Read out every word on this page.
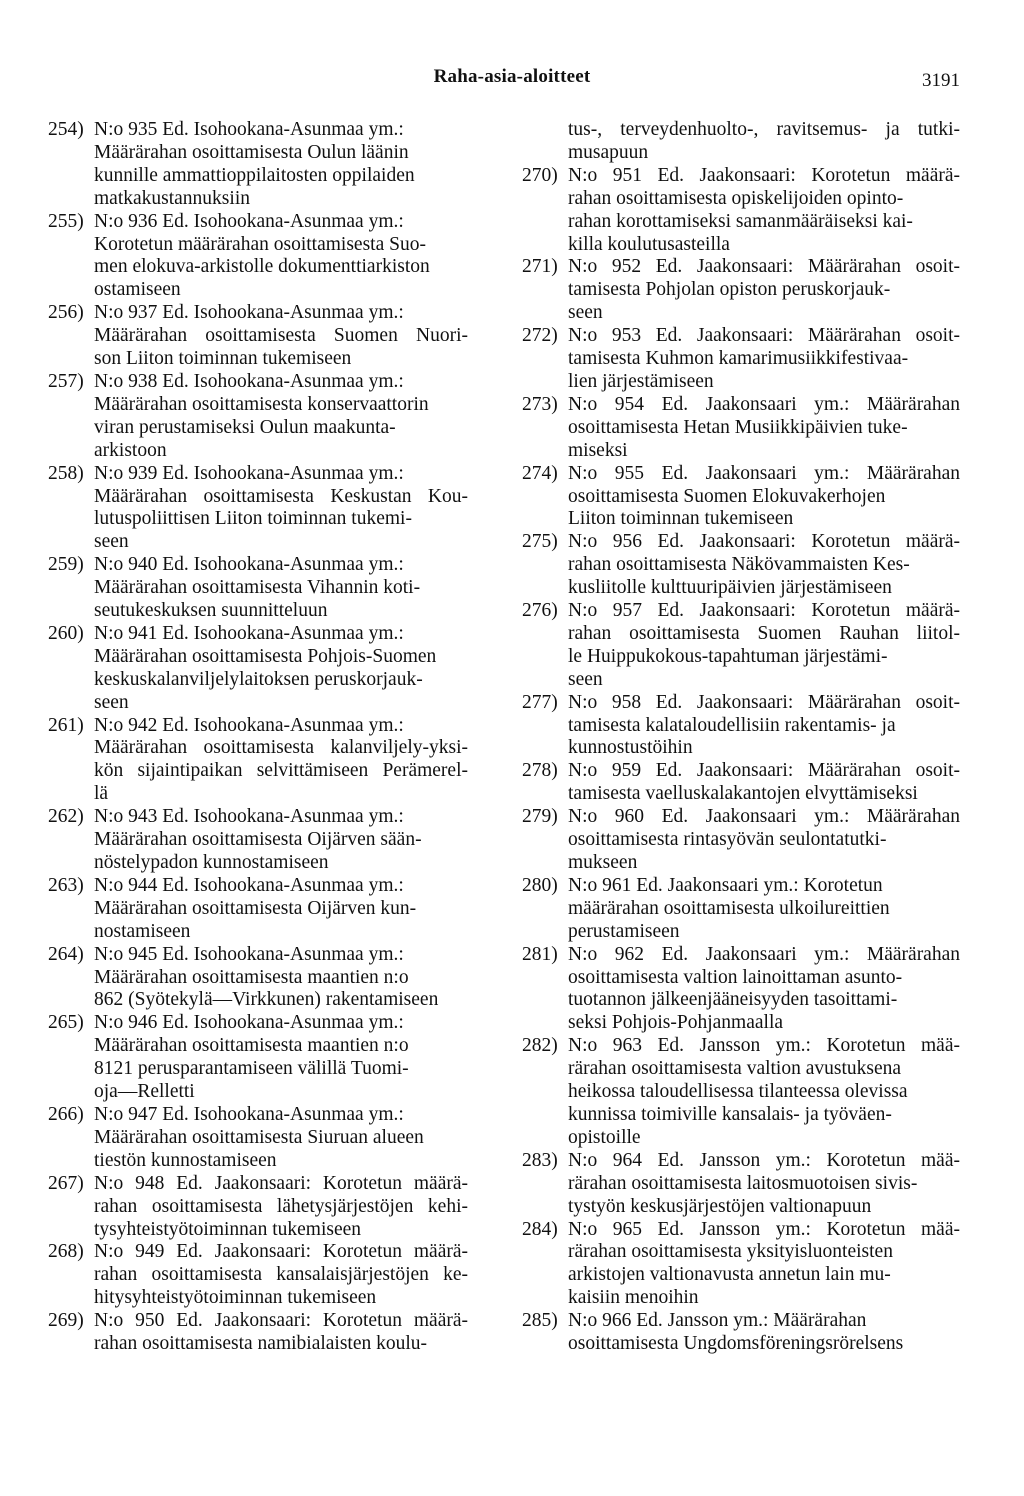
Raha-asia-aloitteet	3191
254) N:o 935 Ed. Isohookana-Asunmaa ym.:
Määrärahan osoittamisesta Oulun läänin
kunnille ammattioppilaitosten oppilaiden
matkakustannuksiin
255) N:o 936 Ed. Isohookana-Asunmaa ym.:
Korotetun määrärahan osoittamisesta Suo-
men elokuva-arkistolle dokumenttiarkiston
ostamiseen
256) N:o 937 Ed. Isohookana-Asunmaa ym.:
Määrärahan osoittamisesta Suomen Nuori-
son Liiton toiminnan tukemiseen
257) N:o 938 Ed. Isohookana-Asunmaa ym.:
Määrärahan osoittamisesta konservaattorin
viran perustamiseksi Oulun maakunta-
arkistoon
258) N:o 939 Ed. Isohookana-Asunmaa ym.:
Määrärahan osoittamisesta Keskustan Kou-
lutuspoliittisen Liiton toiminnan tukemi-
seen
259) N:o 940 Ed. Isohookana-Asunmaa ym.:
Määrärahan osoittamisesta Vihannin koti-
seutukeskuksen suunnitteluun
260) N:o 941 Ed. Isohookana-Asunmaa ym.:
Määrärahan osoittamisesta Pohjois-Suomen
keskuskalanviljelylaitoksen peruskorjauk-
seen
261) N:o 942 Ed. Isohookana-Asunmaa ym.:
Määrärahan osoittamisesta kalanviljely-yksi-
kön sijaintipaikan selvittämiseen Perämerel-
lä
262) N:o 943 Ed. Isohookana-Asunmaa ym.:
Määrärahan osoittamisesta Oijärven sään-
nöstelypadon kunnostamiseen
263) N:o 944 Ed. Isohookana-Asunmaa ym.:
Määrärahan osoittamisesta Oijärven kun-
nostamiseen
264) N:o 945 Ed. Isohookana-Asunmaa ym.:
Määrärahan osoittamisesta maantien n:o
862 (Syötekylä—Virkkunen) rakentamiseen
265) N:o 946 Ed. Isohookana-Asunmaa ym.:
Määrärahan osoittamisesta maantien n:o
8121 perusparantamiseen välillä Tuomi-
oja—Relletti
266) N:o 947 Ed. Isohookana-Asunmaa ym.:
Määrärahan osoittamisesta Siuruan alueen
tiestön kunnostamiseen
267) N:o 948 Ed. Jaakonsaari: Korotetun määrä-
rahan osoittamisesta lähetysjärjestöjen kehi-
tysyhteistyötoiminnan tukemiseen
268) N:o 949 Ed. Jaakonsaari: Korotetun määrä-
rahan osoittamisesta kansalaisjärjestöjen ke-
hitysyhteistyötoiminnan tukemiseen
269) N:o 950 Ed. Jaakonsaari: Korotetun määrä-
rahan osoittamisesta namibialaisten koulu-
tus-, terveydenhuolto-, ravitsemus- ja tutki-
musapuun
270) N:o 951 Ed. Jaakonsaari: Korotetun määrä-
rahan osoittamisesta opiskelijoiden opinto-
rahan korottamiseksi samanmääräiseksi kai-
killa koulutusasteilla
271) N:o 952 Ed. Jaakonsaari: Määrärahan osoit-
tamisesta Pohjolan opiston peruskorjauk-
seen
272) N:o 953 Ed. Jaakonsaari: Määrärahan osoit-
tamisesta Kuhmon kamarimusiikkifestivaa-
lien järjestämiseen
273) N:o 954 Ed. Jaakonsaari ym.: Määrärahan
osoittamisesta Hetan Musiikkipäivien tuke-
miseksi
274) N:o 955 Ed. Jaakonsaari ym.: Määrärahan
osoittamisesta Suomen Elokuvakerhojen
Liiton toiminnan tukemiseen
275) N:o 956 Ed. Jaakonsaari: Korotetun määrä-
rahan osoittamisesta Näkövammaisten Kes-
kusliitolle kulttuuripäivien järjestämiseen
276) N:o 957 Ed. Jaakonsaari: Korotetun määrä-
rahan osoittamisesta Suomen Rauhan liitol-
le Huippukokous-tapahtuman järjestämi-
seen
277) N:o 958 Ed. Jaakonsaari: Määrärahan osoit-
tamisesta kalataloudellisiin rakentamis- ja
kunnostustöihin
278) N:o 959 Ed. Jaakonsaari: Määrärahan osoit-
tamisesta vaelluskalakantojen elvyttämiseksi
279) N:o 960 Ed. Jaakonsaari ym.: Määrärahan
osoittamisesta rintasyövän seulontatutki-
mukseen
280) N:o 961 Ed. Jaakonsaari ym.: Korotetun
määrärahan osoittamisesta ulkoilureittien
perustamiseen
281) N:o 962 Ed. Jaakonsaari ym.: Määrärahan
osoittamisesta valtion lainoittaman asunto-
tuotannon jälkeenjääneisyyden tasoittami-
seksi Pohjois-Pohjanmaalla
282) N:o 963 Ed. Jansson ym.: Korotetun mää-
rärahan osoittamisesta valtion avustuksena
heikossa taloudellisessa tilanteessa olevissa
kunnissa toimiville kansalais- ja työväen-
opistoille
283) N:o 964 Ed. Jansson ym.: Korotetun mää-
rärahan osoittamisesta laitosmuotoisen sivis-
tystyön keskusjärjestöjen valtionapuun
284) N:o 965 Ed. Jansson ym.: Korotetun mää-
rärahan osoittamisesta yksityisluonteisten
arkistojen valtionavusta annetun lain mu-
kaisiin menoihin
285) N:o 966 Ed. Jansson ym.: Määrärahan
osoittamisesta Ungdomsföreningsrörelsens
